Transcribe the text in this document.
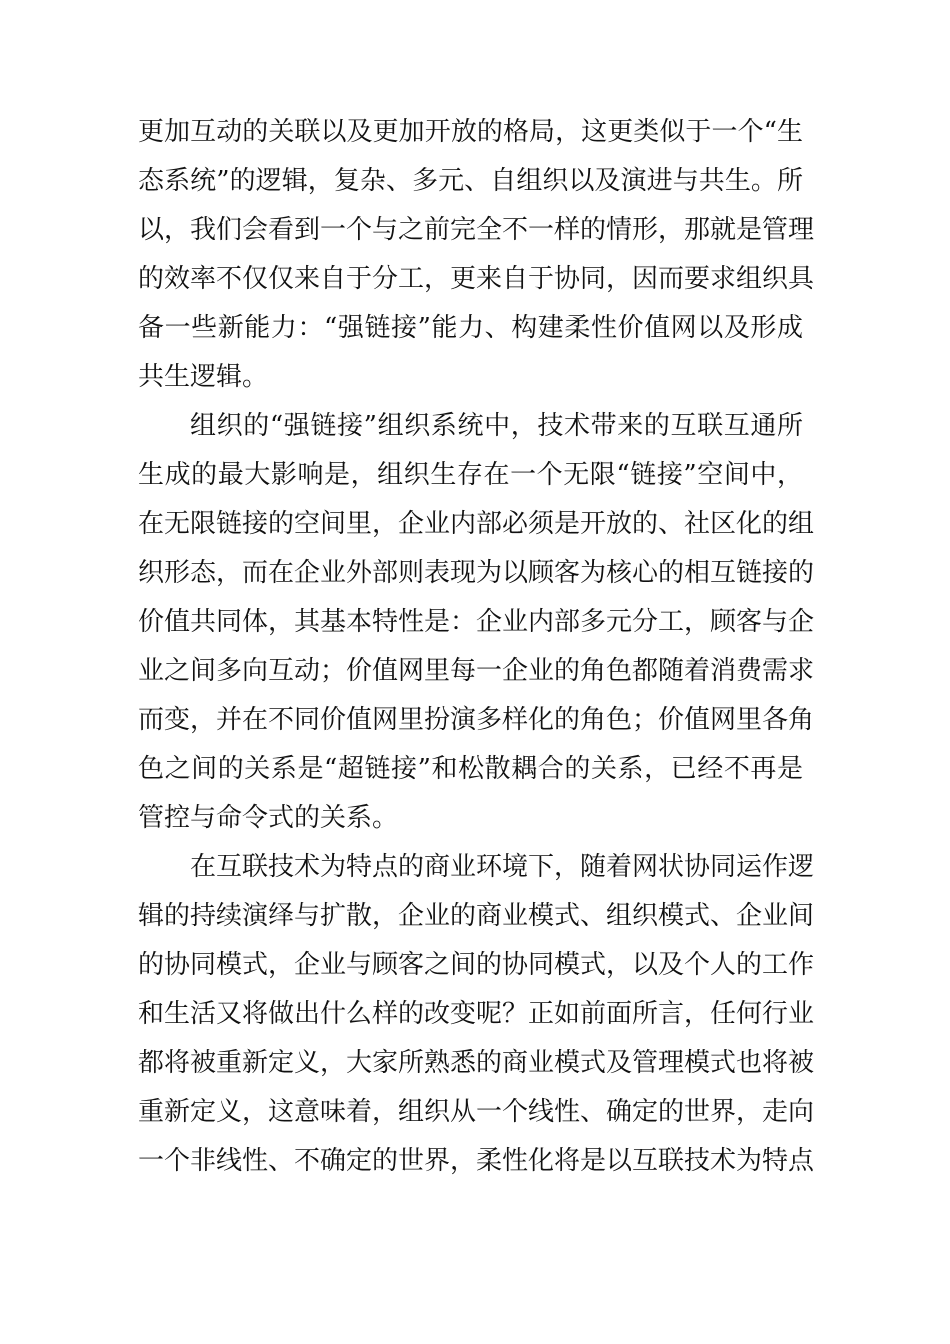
更加互动的关联以及更加开放的格局，这更类似于一个“生
态系统”的逻辑，复杂、多元、自组织以及演进与共生。所
以，我们会看到一个与之前完全不一样的情形，那就是管理
的效率不仅仅来自于分工，更来自于协同，因而要求组织具
备一些新能力：“强链接”能力、构建柔性价值网以及形成
共生逻辑。
组织的“强链接”组织系统中，技术带来的互联互通所
生成的最大影响是，组织生存在一个无限“链接”空间中，
在无限链接的空间里，企业内部必须是开放的、社区化的组
织形态，而在企业外部则表现为以顾客为核心的相互链接的
价值共同体，其基本特性是：企业内部多元分工，顾客与企
业之间多向互动；价值网里每一企业的角色都随着消费需求
而变，并在不同价值网里扮演多样化的角色；价值网里各角
色之间的关系是“超链接”和松散耦合的关系，已经不再是
管控与命令式的关系。
在互联技术为特点的商业环境下，随着网状协同运作逻
辑的持续演绎与扩散，企业的商业模式、组织模式、企业间
的协同模式，企业与顾客之间的协同模式，以及个人的工作
和生活又将做出什么样的改变呢？正如前面所言，任何行业
都将被重新定义，大家所熟悉的商业模式及管理模式也将被
重新定义，这意味着，组织从一个线性、确定的世界，走向
一个非线性、不确定的世界，柔性化将是以互联技术为特点
